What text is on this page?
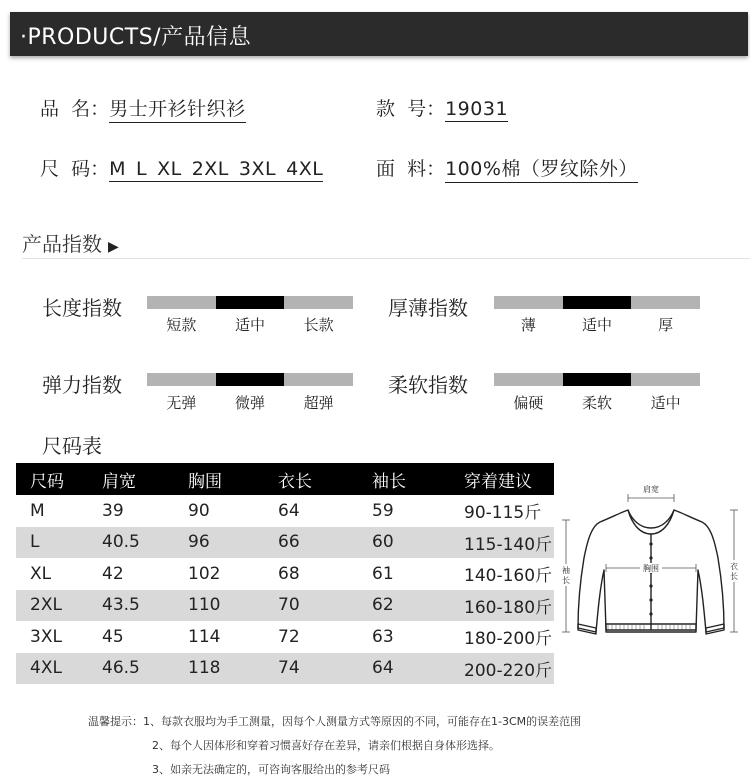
·PRODUCTS/产品信息
品  名：男士开衫针织衫	款  号：19031
尺  码：M L XL 2XL 3XL 4XL	面  料：100%棉（罗纹除外）
产品指数 ▶
长度指数
短款	适中	长款
厚薄指数
薄	适中	厚
弹力指数
无弹	微弹	超弹
柔软指数
偏硬	柔软	适中
尺码表
尺码	肩宽	胸围	衣长	袖长	穿着建议
M	39	90	64	59	90-115斤
L	40.5	96	66	60	115-140斤
XL	42	102	68	61	140-160斤
2XL	43.5	110	70	62	160-180斤
3XL	45	114	72	63	180-200斤
4XL	46.5	118	74	64	200-220斤
肩宽
胸围
袖
长
衣
长
温馨提示：1、每款衣服均为手工测量，因每个人测量方式等原因的不同，可能存在1-3CM的误差范围
2、每个人因体形和穿着习惯喜好存在差异，请亲们根据自身体形选择。
3、如亲无法确定的，可咨询客服给出的参考尺码
